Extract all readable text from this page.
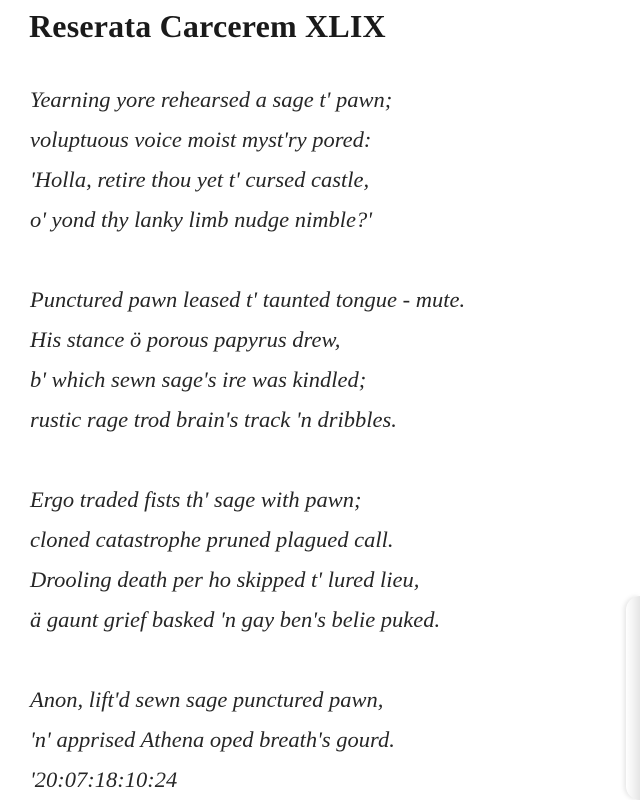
Reserata Carcerem XLIX
Yearning yore rehearsed a sage t' pawn;
voluptuous voice moist myst'ry pored:
'Holla, retire thou yet t' cursed castle,
o' yond thy lanky limb nudge nimble?'
Punctured pawn leased t' taunted tongue - mute.
His stance ö porous papyrus drew,
b' which sewn sage's ire was kindled;
rustic rage trod brain's track 'n dribbles.
Ergo traded fists th' sage with pawn;
cloned catastrophe pruned plagued call.
Drooling death per ho skipped t' lured lieu,
ä gaunt grief basked 'n gay ben's belie puked.
Anon, lift'd sewn sage punctured pawn,
'n' apprised Athena oped breath's gourd.
'20:07:18:10:24
